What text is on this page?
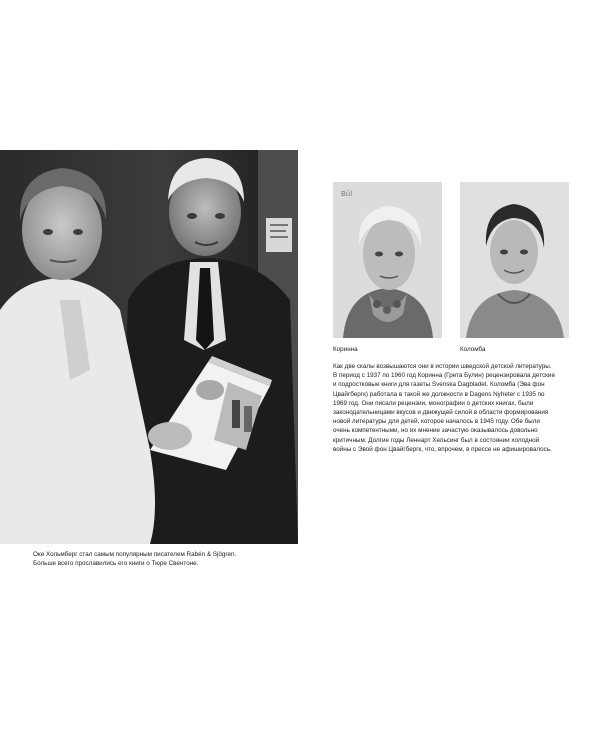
Bül
Оке Хольмберг стал самым популярным писателем Rabén & Sjögren.
Больше всего прославились его книги о Тюре Свентоне.
Коринна	Коломба
Как две скалы возвышаются они в истории шведской детской литературы.
В период с 1937 по 1960 год Коринна (Грета Булин) рецензировала детские
и подростковые книги для газеты Svenska Dagbladet. Коломба (Эва фон
Цвайгбергк) работала в такой же должности в Dagens Nyheter с 1935 по
1969 год. Они писали рецензии, монографии о детских книгах, были
законодательницами вкусов и движущей силой в области формирования
новой литературы для детей, которое началось в 1945 году. Обе были
очень компетентными, но их мнение зачастую оказывалось довольно
критичным. Долгие годы Леннарт Хельсинг был в состоянии холодной
войны с Эвой фон Цвайгбергк, что, впрочем, в прессе не афишировалось.
